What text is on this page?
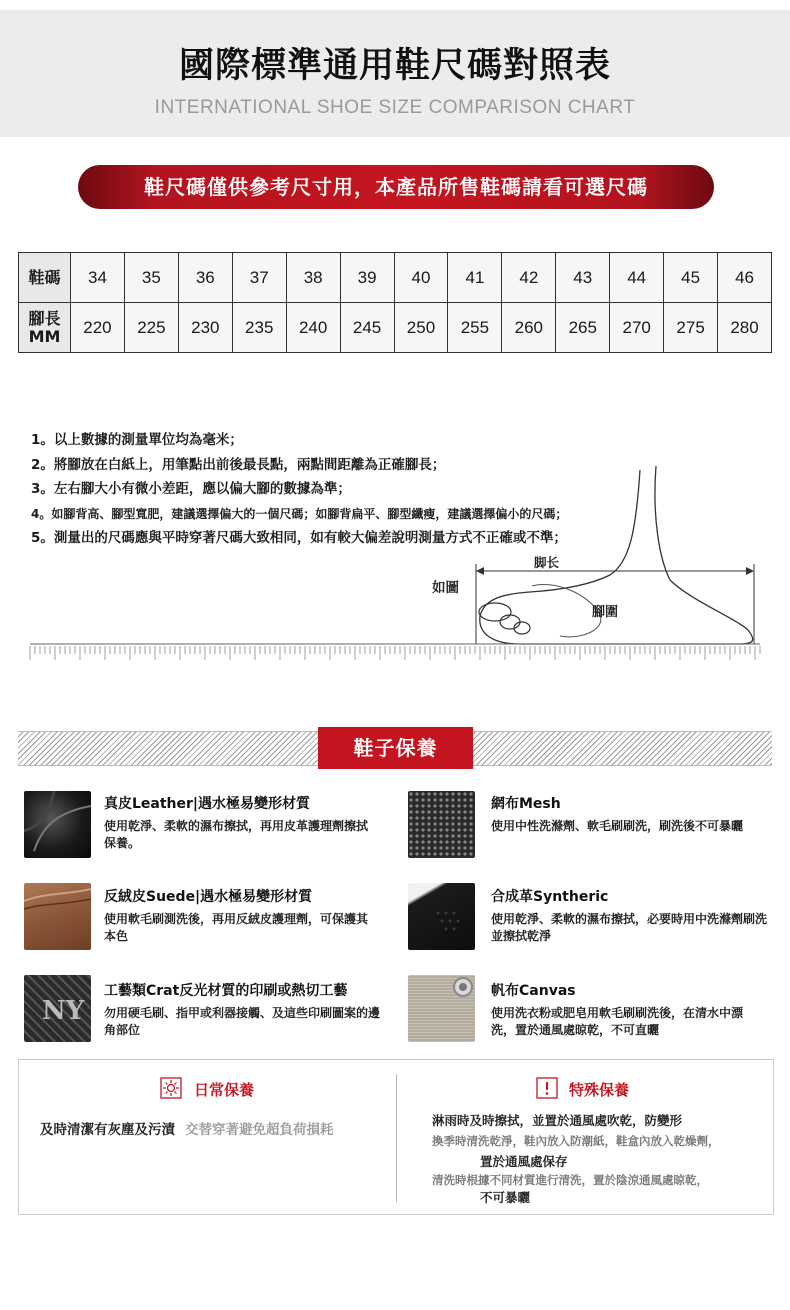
國際標準通用鞋尺碼對照表
INTERNATIONAL SHOE SIZE COMPARISON CHART
鞋尺碼僅供參考尺寸用，本產品所售鞋碼請看可選尺碼
鞋碼	34	35	36	37	38	39	40	41	42	43	44	45	46
腳長MM	220	225	230	235	240	245	250	255	260	265	270	275	280
1。以上數據的測量單位均為毫米；
2。將腳放在白紙上，用筆點出前後最長點，兩點間距離為正確腳長；
3。左右腳大小有微小差距，應以偏大腳的數據為準；
4。如腳背高、腳型寬肥，建議選擇偏大的一個尺碼；如腳背扁平、腳型纖瘦，建議選擇偏小的尺碼；
5。測量出的尺碼應與平時穿著尺碼大致相同，如有較大偏差說明測量方式不正確或不準；
脚长
如圖
腳圍
鞋子保養
真皮Leather|遇水極易變形材質
使用乾淨、柔軟的濕布擦拭，再用皮革護理劑擦拭保養。
網布Mesh
使用中性洗滌劑、軟毛刷刷洗，刷洗後不可暴曬
反絨皮Suede|遇水極易變形材質
使用軟毛刷測洗後，再用反絨皮護理劑，可保護其本色
合成革Syntheric
使用乾淨、柔軟的濕布擦拭，必要時用中洗滌劑刷洗並擦拭乾淨
NY
工藝類Crat反光材質的印刷或熱切工藝
勿用硬毛刷、指甲或利器接觸、及這些印刷圖案的邊角部位
帆布Canvas
使用洗衣粉或肥皂用軟毛刷刷洗後，在清水中漂洗，置於通風處晾乾，不可直曬
日常保養
及時清潔有灰塵及污漬 交替穿著避免超負荷損耗
特殊保養
淋雨時及時擦拭，並置於通風處吹乾，防變形
換季時清洗乾淨，鞋內放入防潮紙，鞋盒內放入乾燥劑，
置於通風處保存
清洗時根據不同材質進行清洗，置於陰涼通風處晾乾，
不可暴曬
